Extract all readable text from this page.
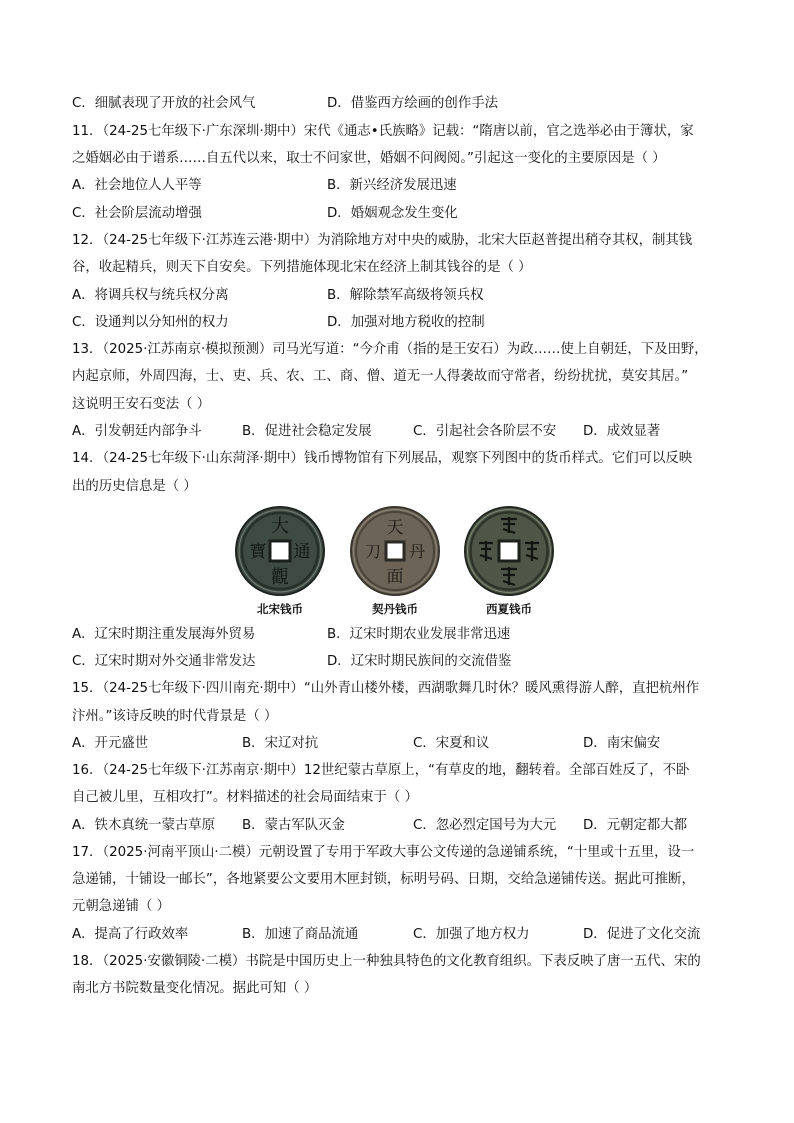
C．细腻表现了开放的社会风气	D．借鉴西方绘画的创作手法
11．（24-25七年级下·广东深圳·期中）宋代《通志•氏族略》记载：“隋唐以前，官之选举必由于簿状，家
之婚姻必由于谱系……自五代以来，取士不问家世，婚姻不问阀阅。”引起这一变化的主要原因是（ ）
A．社会地位人人平等	B．新兴经济发展迅速
C．社会阶层流动增强	D．婚姻观念发生变化
12．（24-25七年级下·江苏连云港·期中）为消除地方对中央的威胁，北宋大臣赵普提出稍夺其权，制其钱
谷，收起精兵，则天下自安矣。下列措施体现北宋在经济上制其钱谷的是（ ）
A．将调兵权与统兵权分离	B．解除禁军高级将领兵权
C．设通判以分知州的权力	D．加强对地方税收的控制
13．（2025·江苏南京·模拟预测）司马光写道：“今介甫（指的是王安石）为政……使上自朝廷，下及田野，
内起京师，外周四海，士、吏、兵、农、工、商、僧、道无一人得袭故而守常者，纷纷扰扰，莫安其居。”
这说明王安石变法（ ）
A．引发朝廷内部争斗	B．促进社会稳定发展	C．引起社会各阶层不安 D．成效显著
14．（24-25七年级下·山东菏泽·期中）钱币博物馆有下列展品，观察下列图中的货币样式。它们可以反映
出的历史信息是（ ）
大
通
觀
寶
北宋钱币
天
丹
面
刀
契丹钱币	西夏钱币
A．辽宋时期注重发展海外贸易	B．辽宋时期农业发展非常迅速
C．辽宋时期对外交通非常发达	D．辽宋时期民族间的交流借鉴
15．（24-25七年级下·四川南充·期中）“山外青山楼外楼，西湖歌舞几时休？暖风熏得游人醉，直把杭州作
汴州。”该诗反映的时代背景是（ ）
A．开元盛世	B．宋辽对抗	C．宋夏和议	D．南宋偏安
16．（24-25七年级下·江苏南京·期中）12世纪蒙古草原上，“有草皮的地，翻转着。全部百姓反了，不卧
自己被儿里，互相攻打”。材料描述的社会局面结束于（ ）
A．铁木真统一蒙古草原 B．蒙古军队灭金	C．忽必烈定国号为大元 D．元朝定都大都
17．（2025·河南平顶山·二模）元朝设置了专用于军政大事公文传递的急递铺系统，“十里或十五里，设一
急递铺，十铺设一邮长”，各地紧要公文要用木匣封锁，标明号码、日期，交给急递铺传送。据此可推断，
元朝急递铺（ ）
A．提高了行政效率	B．加速了商品流通	C．加强了地方权力	D．促进了文化交流
18．（2025·安徽铜陵·二模）书院是中国历史上一种独具特色的文化教育组织。下表反映了唐一五代、宋的
南北方书院数量变化情况。据此可知（ ）
